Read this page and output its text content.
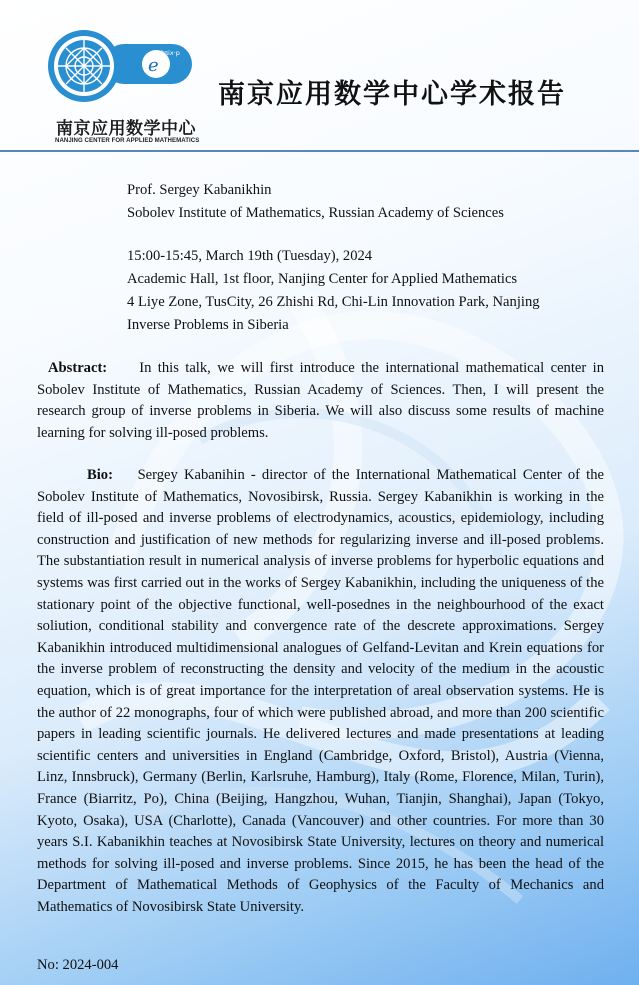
e
2πix·p
南京应用数学中心
NANJING CENTER FOR APPLIED MATHEMATICS
南京应用数学中心学术报告
Prof. Sergey Kabanikhin
Sobolev Institute of Mathematics, Russian Academy of Sciences
15:00-15:45, March 19th (Tuesday), 2024
Academic Hall, 1st floor, Nanjing Center for Applied Mathematics
4 Liye Zone, TusCity, 26 Zhishi Rd, Chi-Lin Innovation Park, Nanjing
Inverse Problems in Siberia
Abstract: In this talk, we will first introduce the international mathematical center in Sobolev Institute of Mathematics, Russian Academy of Sciences. Then, I will present the research group of inverse problems in Siberia. We will also discuss some results of machine learning for solving ill-posed problems.
Bio: Sergey Kabanihin - director of the International Mathematical Center of the Sobolev Institute of Mathematics, Novosibirsk, Russia. Sergey Kabanikhin is working in the field of ill-posed and inverse problems of electrodynamics, acoustics, epidemiology, including construction and justification of new methods for regularizing inverse and ill-posed problems. The substantiation result in numerical analysis of inverse problems for hyperbolic equations and systems was first carried out in the works of Sergey Kabanikhin, including the uniqueness of the stationary point of the objective functional, well-posednes in the neighbourhood of the exact soliution, conditional stability and convergence rate of the descrete approximations. Sergey Kabanikhin introduced multidimensional analogues of Gelfand-Levitan and Krein equations for the inverse problem of reconstructing the density and velocity of the medium in the acoustic equation, which is of great importance for the interpretation of areal observation systems. He is the author of 22 monographs, four of which were published abroad, and more than 200 scientific papers in leading scientific journals. He delivered lectures and made presentations at leading scientific centers and universities in England (Cambridge, Oxford, Bristol), Austria (Vienna, Linz, Innsbruck), Germany (Berlin, Karlsruhe, Hamburg), Italy (Rome, Florence, Milan, Turin), France (Biarritz, Po), China (Beijing, Hangzhou, Wuhan, Tianjin, Shanghai), Japan (Tokyo, Kyoto, Osaka), USA (Charlotte), Canada (Vancouver) and other countries. For more than 30 years S.I. Kabanikhin teaches at Novosibirsk State University, lectures on theory and numerical methods for solving ill-posed and inverse problems. Since 2015, he has been the head of the Department of Mathematical Methods of Geophysics of the Faculty of Mechanics and Mathematics of Novosibirsk State University.
No: 2024-004
